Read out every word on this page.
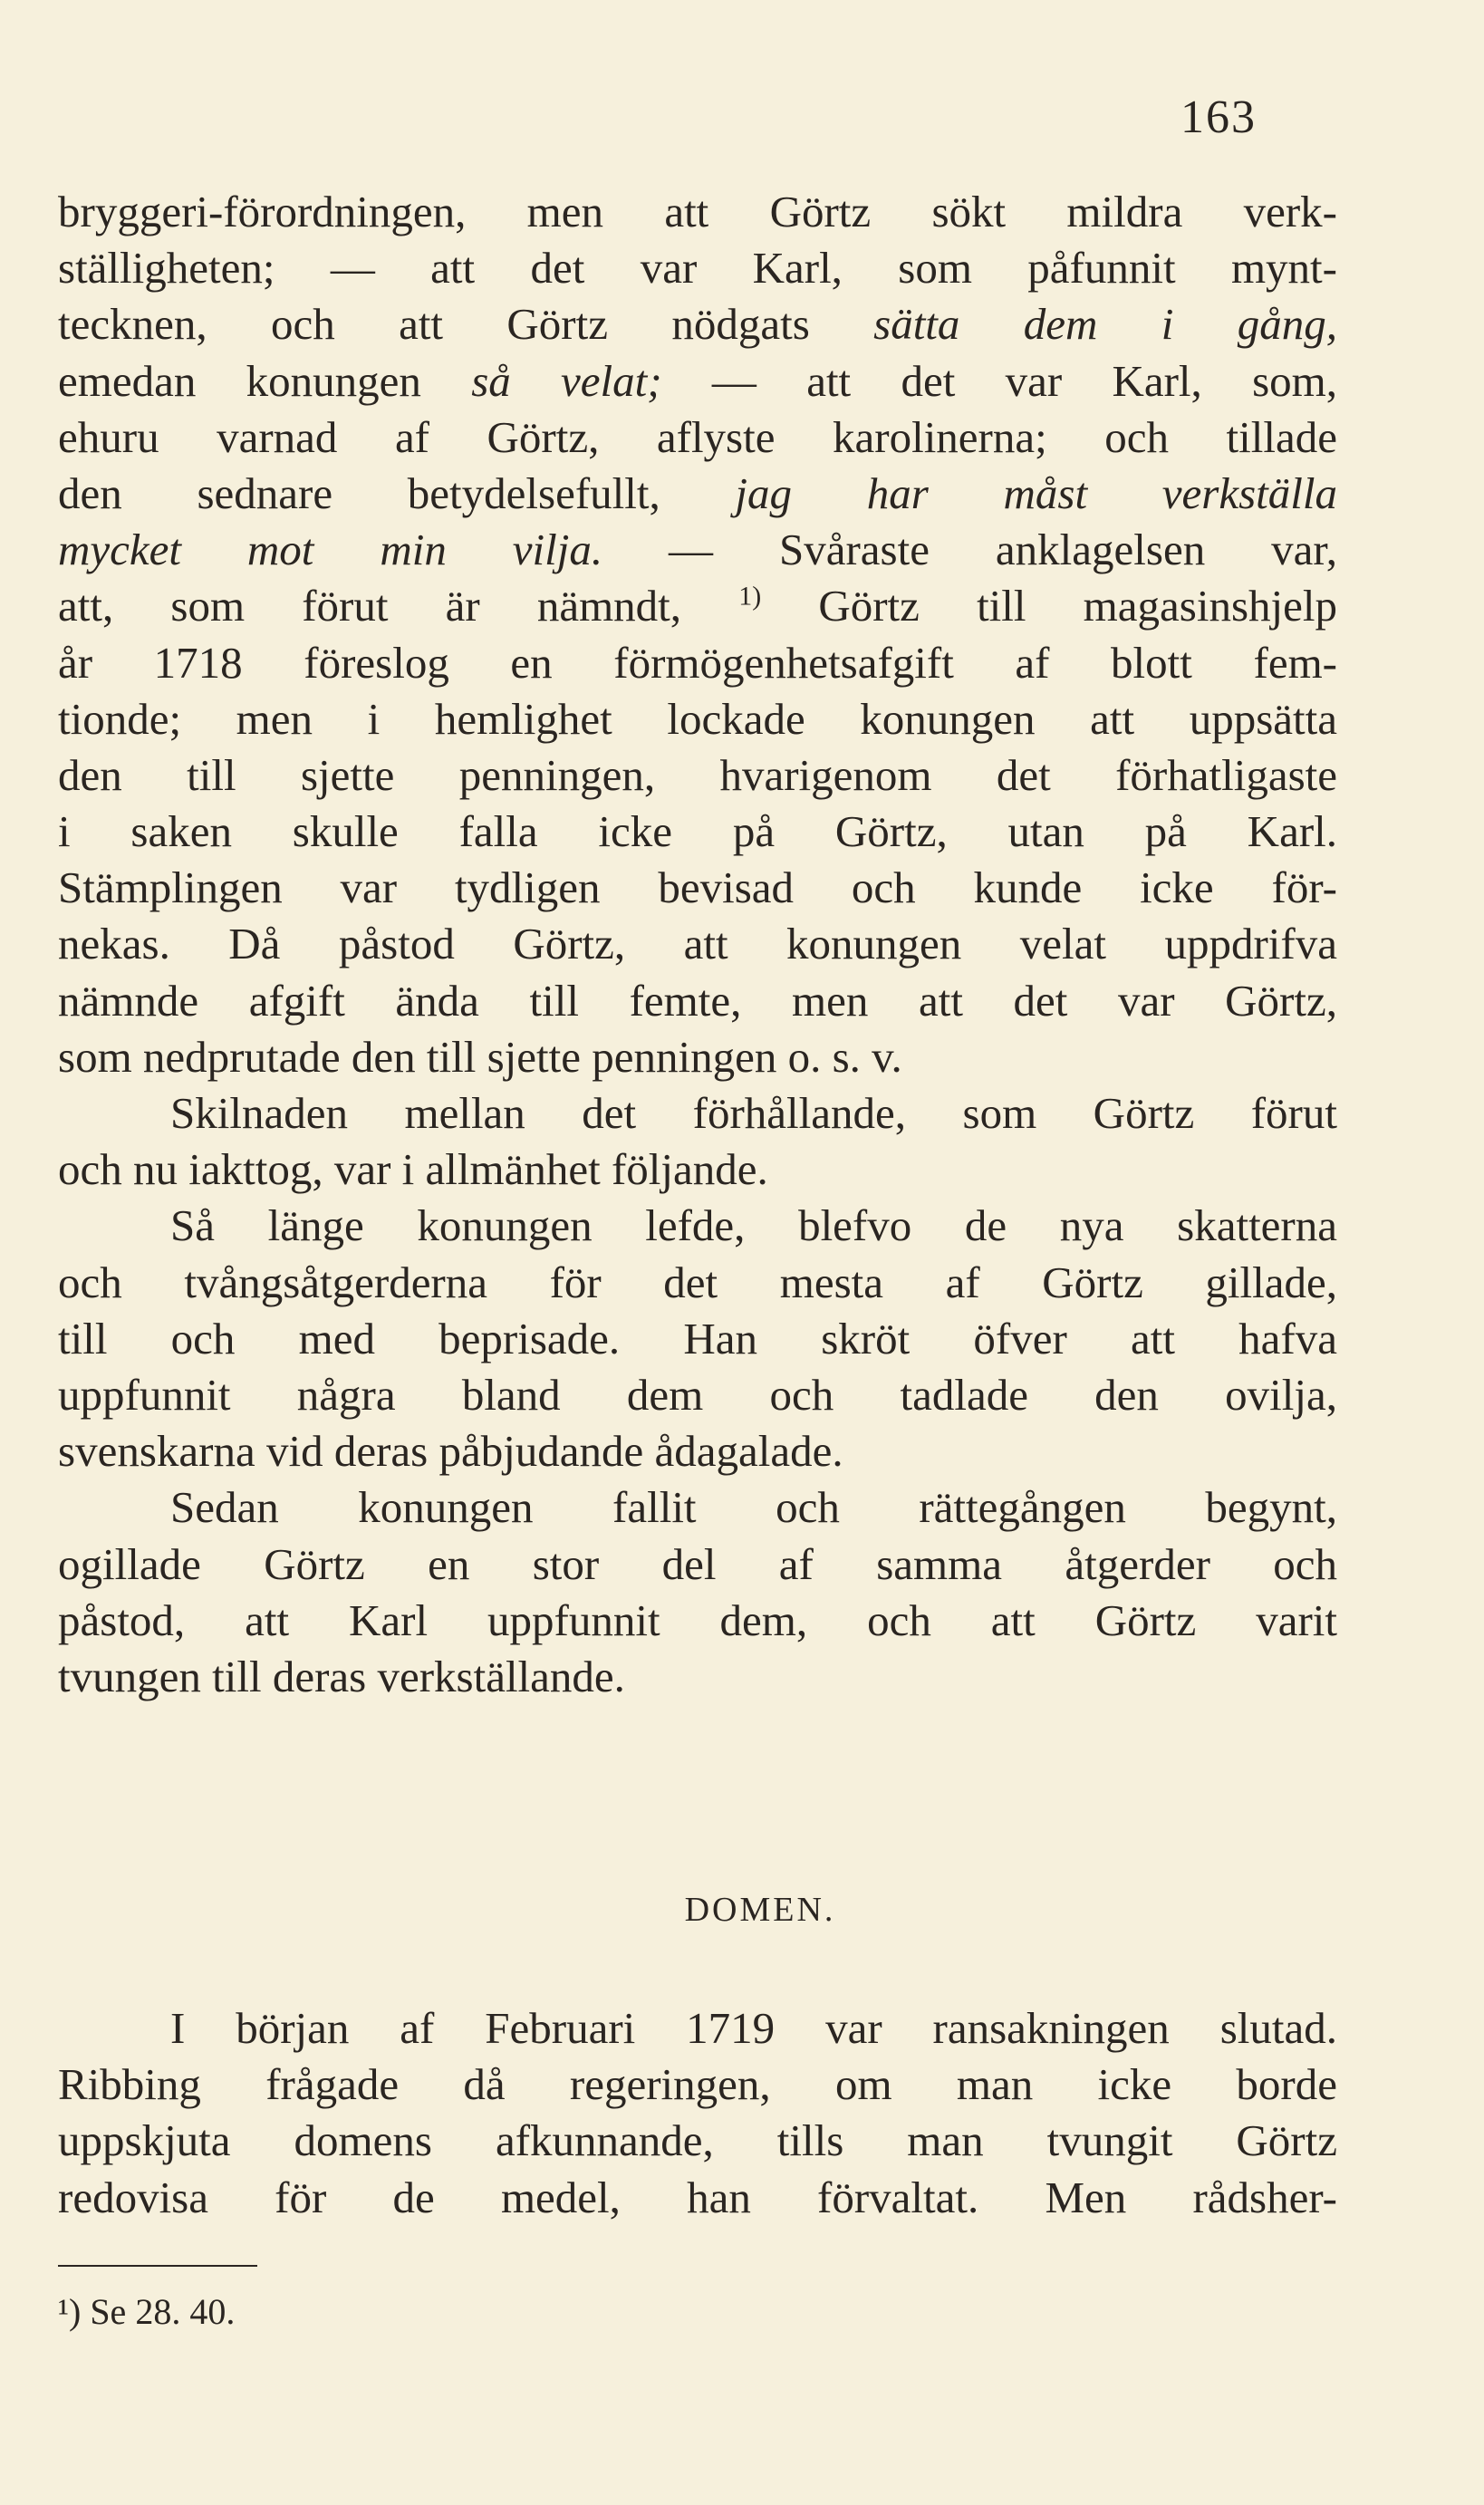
163
bryggeri-förordningen, men att Görtz sökt mildra verk-
ställigheten; — att det var Karl, som påfunnit mynt-
tecknen, och att Görtz nödgats sätta dem i gång,
emedan konungen så velat; — att det var Karl, som,
ehuru varnad af Görtz, aflyste karolinerna; och tillade
den sednare betydelsefullt, jag har måst verkställa
mycket mot min vilja. — Svåraste anklagelsen var,
att, som förut är nämndt, $^{1)}$ Görtz till magasinshjelp
år 1718 föreslog en förmögenhetsafgift af blott fem-
tionde; men i hemlighet lockade konungen att uppsätta
den till sjette penningen, hvarigenom det förhatligaste
i saken skulle falla icke på Görtz, utan på Karl.
Stämplingen var tydligen bevisad och kunde icke för-
nekas. Då påstod Görtz, att konungen velat uppdrifva
nämnde afgift ända till femte, men att det var Görtz,
som nedprutade den till sjette penningen o. s. v.
Skilnaden mellan det förhållande, som Görtz förut
och nu iakttog, var i allmänhet följande.
Så länge konungen lefde, blefvo de nya skatterna
och tvångsåtgerderna för det mesta af Görtz gillade,
till och med beprisade. Han skröt öfver att hafva
uppfunnit några bland dem och tadlade den ovilja,
svenskarna vid deras påbjudande ådagalade.
Sedan konungen fallit och rättegången begynt,
ogillade Görtz en stor del af samma åtgerder och
påstod, att Karl uppfunnit dem, och att Görtz varit
tvungen till deras verkställande.
DOMEN.
I början af Februari 1719 var ransakningen slutad.
Ribbing frågade då regeringen, om man icke borde
uppskjuta domens afkunnande, tills man tvungit Görtz
redovisa för de medel, han förvaltat. Men rådsher-
¹) Se 28. 40.
